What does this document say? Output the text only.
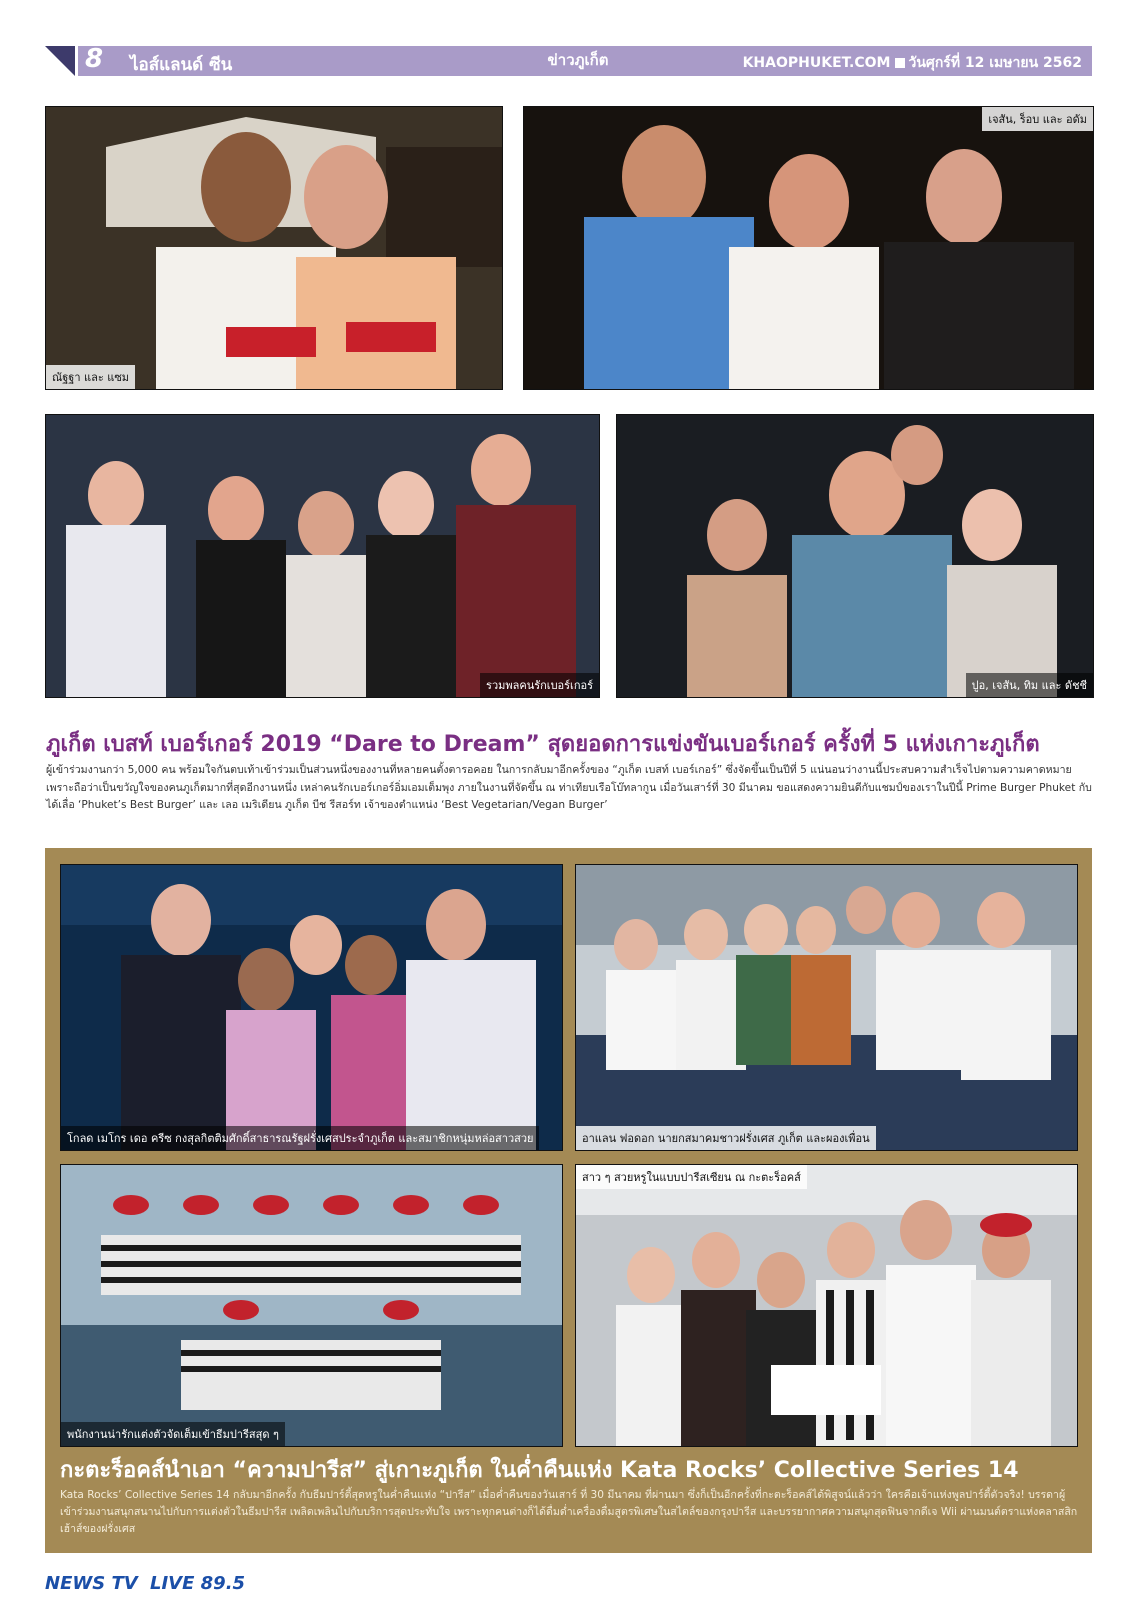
8 ไอส์แลนด์ ซีน	ข่าวภูเก็ต	KHAOPHUKET.COM วันศุกร์ที่ 12 เมษายน 2562
ณัฐฐา และ แซม
เจสัน, ร็อบ และ อดัม
รวมพลคนรักเบอร์เกอร์	ปูอ, เจสัน, ทิม และ ดัชชี
ภูเก็ต เบสท์ เบอร์เกอร์ 2019 “Dare to Dream” สุดยอดการแข่งขันเบอร์เกอร์ ครั้งที่ 5 แห่งเกาะภูเก็ต
ผู้เข้าร่วมงานกว่า 5,000 คน พร้อมใจกันตบเท้าเข้าร่วมเป็นส่วนหนึ่งของงานที่หลายคนตั้งตารอคอย ในการกลับมาอีกครั้งของ “ภูเก็ต เบสท์ เบอร์เกอร์” ซึ่งจัดขึ้นเป็นปีที่ 5 แน่นอนว่างานนี้ประสบความสำเร็จไปตามความคาดหมาย เพราะถือว่าเป็นขวัญใจของคนภูเก็ตมากที่สุดอีกงานหนึ่ง เหล่าคนรักเบอร์เกอร์อิ่มเอมเต็มพุง ภายในงานที่จัดขึ้น ณ ท่าเทียบเรือโบ๊ทลากูน เมื่อวันเสาร์ที่ 30 มีนาคม ขอแสดงความยินดีกับแชมป์ของเราในปีนี้ Prime Burger Phuket กับได้เลื่อ ‘Phuket’s Best Burger’ และ เลอ เมริเดียน ภูเก็ต บีช รีสอร์ท เจ้าของตำแหน่ง ‘Best Vegetarian/Vegan Burger’
โกลด เมโกร เดอ ครีซ กงสุลกิตติมศักดิ์สาธารณรัฐฝรั่งเศสประจำภูเก็ต และสมาชิกหนุ่มหล่อสาวสวย	อาแลน ฟอดอก นายกสมาคมชาวฝรั่งเศส ภูเก็ต และผองเพื่อน
พนักงานน่ารักแต่งตัวจัดเต็มเข้าธีมปารีสสุด ๆ
สาว ๆ สวยหรูในแบบปารีสเซียน ณ กะตะร็อคส์
กะตะร็อคส์นำเอา “ความปารีส” สู่เกาะภูเก็ต ในค่ำคืนแห่ง Kata Rocks’ Collective Series 14
Kata Rocks’ Collective Series 14 กลับมาอีกครั้ง กับธีมปาร์ตี้สุดหรูในค่ำคืนแห่ง “ปารีส” เมื่อค่ำคืนของวันเสาร์ ที่ 30 มีนาคม ที่ผ่านมา ซึ่งก็เป็นอีกครั้งที่กะตะร็อคส์ได้พิสูจน์แล้วว่า ใครคือเจ้าแห่งพูลปาร์ตี้ตัวจริง! บรรดาผู้เข้าร่วมงานสนุกสนานไปกับการแต่งตัวในธีมปารีส เพลิดเพลินไปกับบริการสุดประทับใจ เพราะทุกคนต่างก็ได้ดื่มด่ำเครื่องดื่มสูตรพิเศษในสไตล์ของกรุงปารีส และบรรยากาศความสนุกสุดฟินจากดีเจ Wii ผ่านมนต์ตราแห่งคลาสสิกเฮ้าส์ของฝรั่งเศส
NEWS TV LIVE 89.5
